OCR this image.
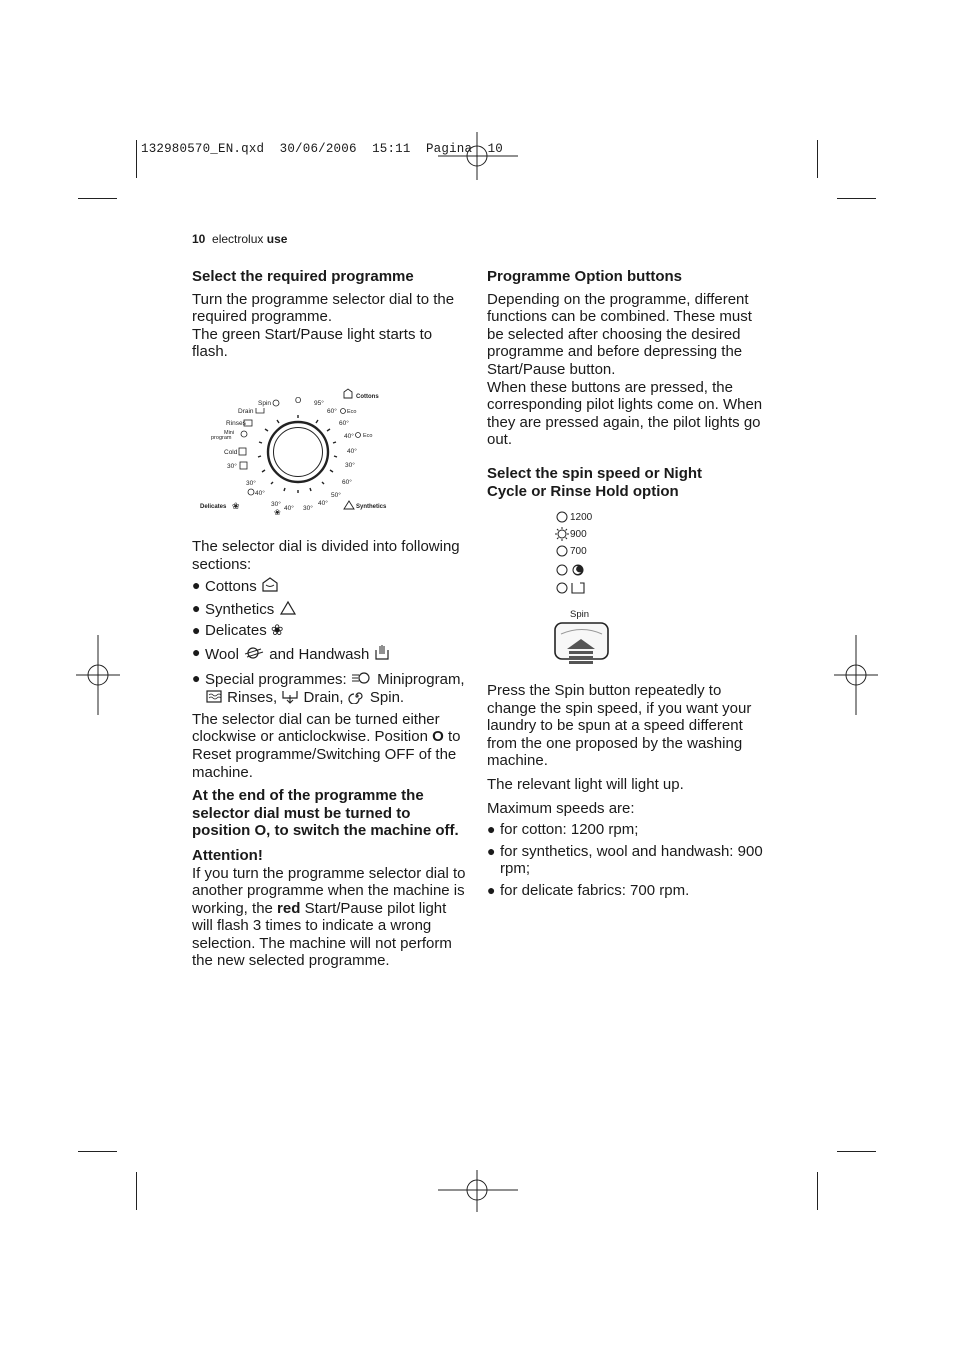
132980570_EN.qxd 30/06/2006 15:11 Pagina 10
10 electrolux use

Select the required programme

Turn the programme selector dial to the required programme.

The green Start/Pause light starts to flash.

Spin	O 95°
Cottons
Drain	60° Eco
Rinses	60°
Mini
program	40° Eco
Cold	40°
30°	30°
30°	60°
40°	50°
Delicates ❀	30°
40° 30°
40°
❀
Synthetics

The selector dial is divided into following sections:

● Cottons
● Synthetics
● Delicates ❀
● Wool and Handwash
● Special programmes: Miniprogram,  Rinses, Drain, Spin.

The selector dial can be turned either clockwise or anticlockwise. Position O to Reset programme/Switching OFF of the machine.

At the end of the programme the selector dial must be turned to position O, to switch the machine off.

Attention!

If you turn the programme selector dial to another programme when the machine is working, the red Start/Pause pilot light will flash 3 times to indicate a wrong selection. The machine will not perform the new selected programme.

Programme Option buttons

Depending on the programme, different functions can be combined. These must be selected after choosing the desired programme and before depressing the Start/Pause button.

When these buttons are pressed, the corresponding pilot lights come on. When they are pressed again, the pilot lights go out.

Select the spin speed or Night

Cycle or Rinse Hold option

1200
900
700
Spin

Press the Spin button repeatedly to change the spin speed, if you want your laundry to be spun at a speed different from the one proposed by the washing machine.

The relevant light will light up.

Maximum speeds are:

● for cotton: 1200 rpm;
● for synthetics, wool and handwash: 900 rpm;
● for delicate fabrics: 700 rpm.
